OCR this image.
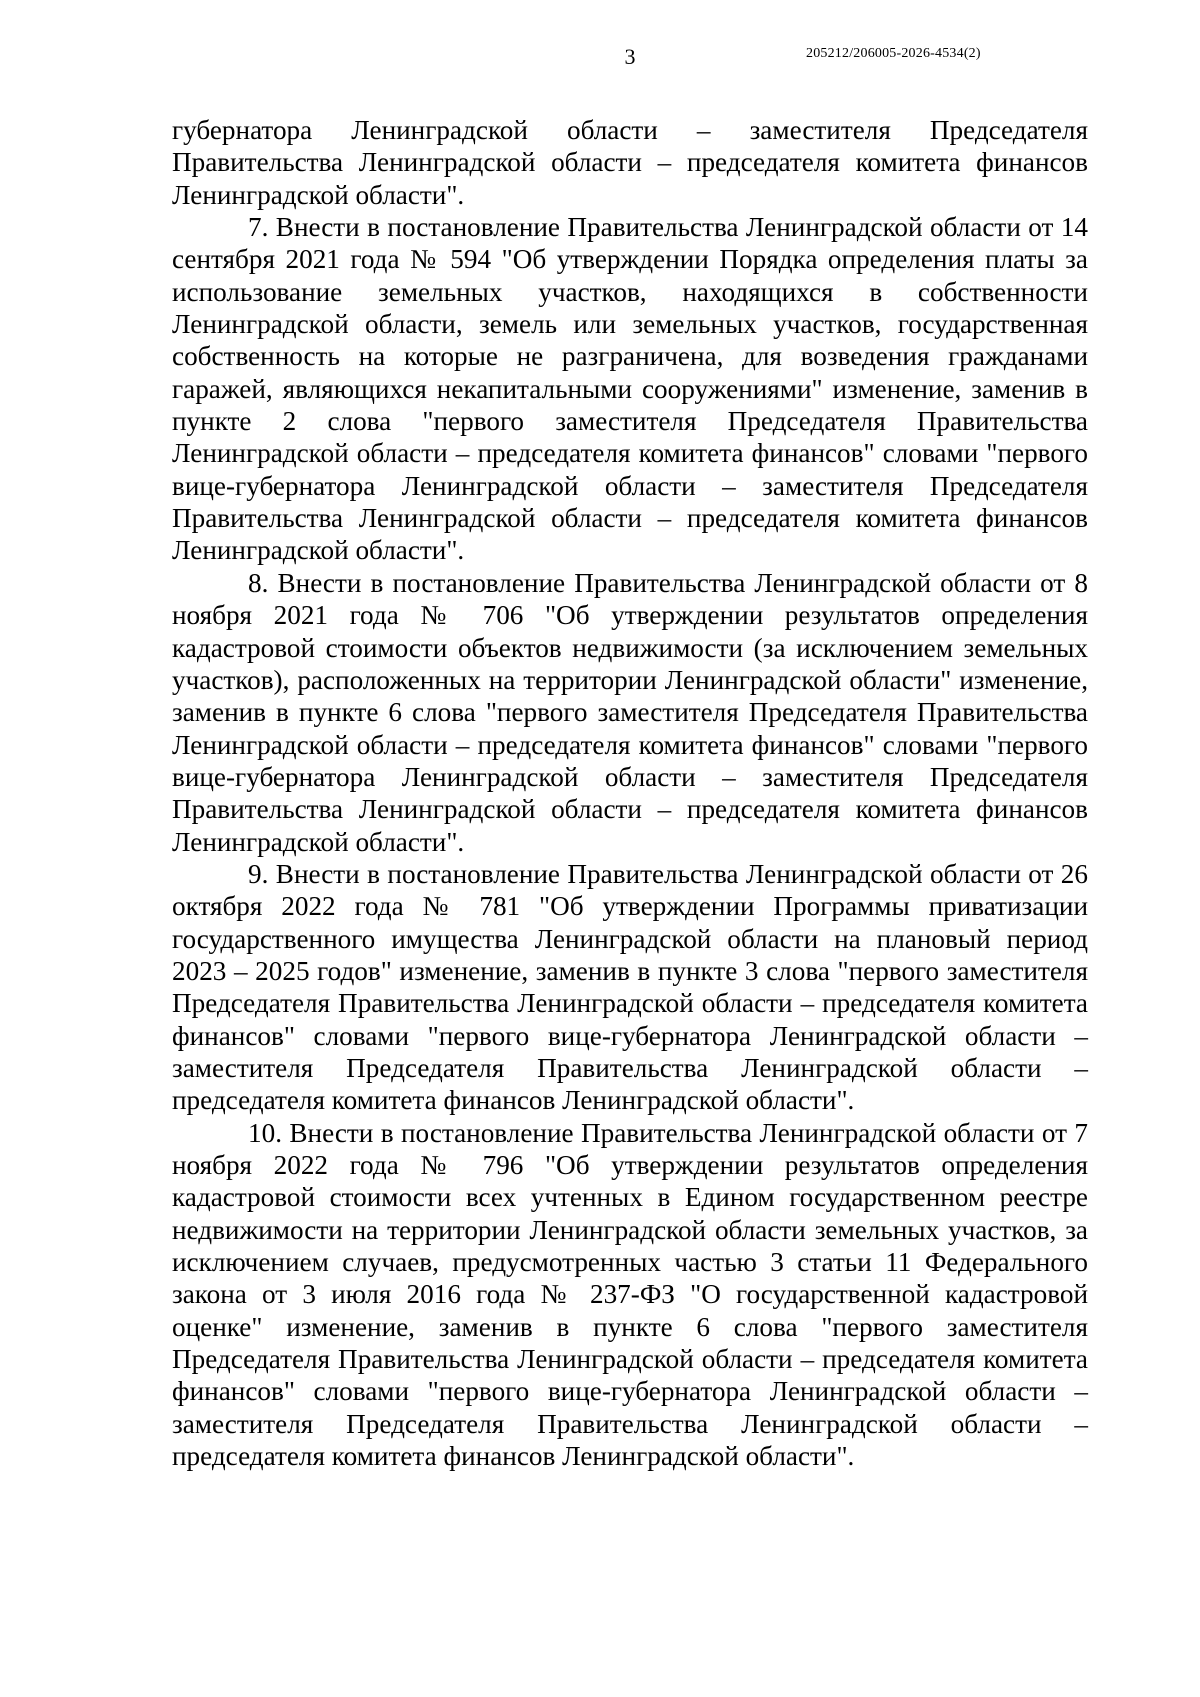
3	205212/206005-2026-4534(2)

губернатора Ленинградской области – заместителя Председателя Правительства Ленинградской области – председателя комитета финансов Ленинградской области".

7. Внести в постановление Правительства Ленинградской области от 14 сентября 2021 года № 594 "Об утверждении Порядка определения платы за использование земельных участков, находящихся в собственности Ленинградской области, земель или земельных участков, государственная собственность на которые не разграничена, для возведения гражданами гаражей, являющихся некапитальными сооружениями" изменение, заменив в пункте 2 слова "первого заместителя Председателя Правительства Ленинградской области – председателя комитета финансов" словами "первого вице-губернатора Ленинградской области – заместителя Председателя Правительства Ленинградской области – председателя комитета финансов Ленинградской области".

8. Внести в постановление Правительства Ленинградской области от 8 ноября 2021 года № 706 "Об утверждении результатов определения кадастровой стоимости объектов недвижимости (за исключением земельных участков), расположенных на территории Ленинградской области" изменение, заменив в пункте 6 слова "первого заместителя Председателя Правительства Ленинградской области – председателя комитета финансов" словами "первого вице-губернатора Ленинградской области – заместителя Председателя Правительства Ленинградской области – председателя комитета финансов Ленинградской области".

9. Внести в постановление Правительства Ленинградской области от 26 октября 2022 года № 781 "Об утверждении Программы приватизации государственного имущества Ленинградской области на плановый период 2023 – 2025 годов" изменение, заменив в пункте 3 слова "первого заместителя Председателя Правительства Ленинградской области – председателя комитета финансов" словами "первого вице-губернатора Ленинградской области – заместителя Председателя Правительства Ленинградской области – председателя комитета финансов Ленинградской области".

10. Внести в постановление Правительства Ленинградской области от 7 ноября 2022 года № 796 "Об утверждении результатов определения кадастровой стоимости всех учтенных в Едином государственном реестре недвижимости на территории Ленинградской области земельных участков, за исключением случаев, предусмотренных частью 3 статьи 11 Федерального закона от 3 июля 2016 года № 237-ФЗ "О государственной кадастровой оценке" изменение, заменив в пункте 6 слова "первого заместителя Председателя Правительства Ленинградской области – председателя комитета финансов" словами "первого вице-губернатора Ленинградской области – заместителя Председателя Правительства Ленинградской области – председателя комитета финансов Ленинградской области".
